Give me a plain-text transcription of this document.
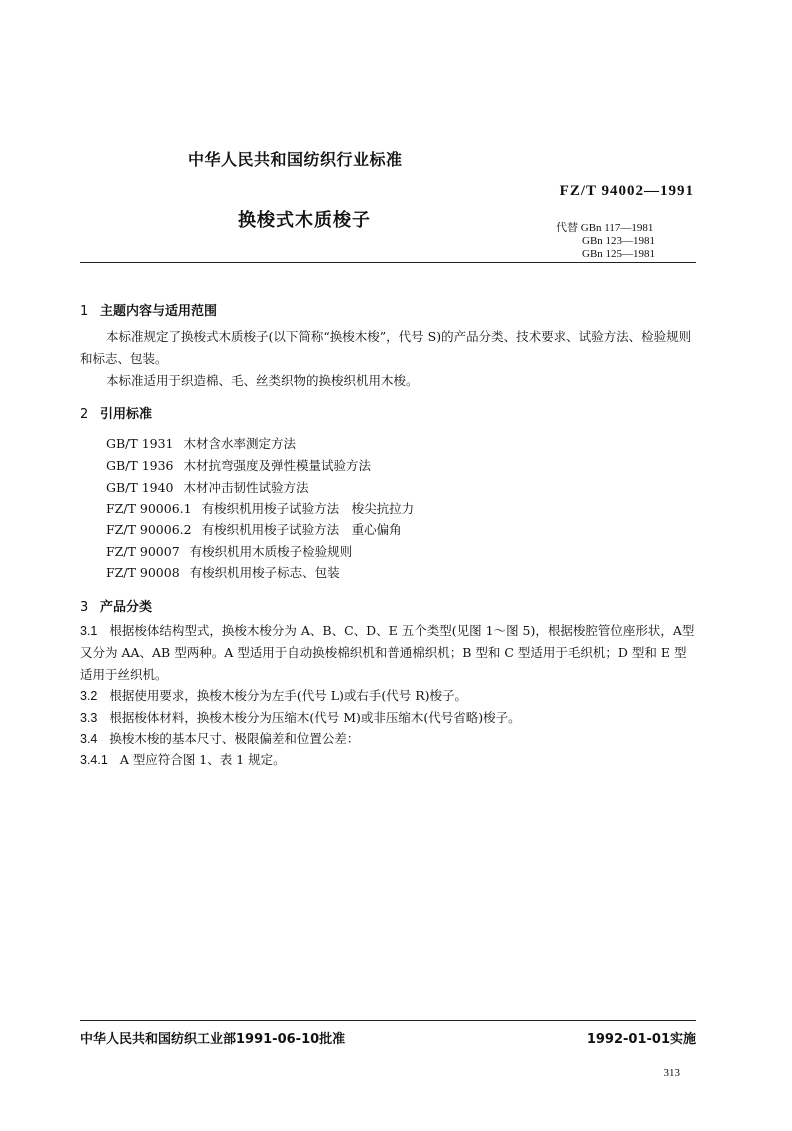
中华人民共和国纺织行业标准
FZ/T 94002—1991
换梭式木质梭子	代替 GBn 117—1981
GBn 123—1981
GBn 125—1981
1 主题内容与适用范围
本标准规定了换梭式木质梭子(以下简称“换梭木梭”，代号 S)的产品分类、技术要求、试验方法、检验规则和标志、包装。
本标准适用于织造棉、毛、丝类织物的换梭织机用木梭。
2 引用标准
GB/T 1931 木材含水率测定方法
GB/T 1936 木材抗弯强度及弹性模量试验方法
GB/T 1940 木材冲击韧性试验方法
FZ/T 90006.1 有梭织机用梭子试验方法　梭尖抗拉力
FZ/T 90006.2 有梭织机用梭子试验方法　重心偏角
FZ/T 90007 有梭织机用木质梭子检验规则
FZ/T 90008 有梭织机用梭子标志、包装
3 产品分类
3.1 根据梭体结构型式，换梭木梭分为 A、B、C、D、E 五个类型(见图 1～图 5)，根据梭腔管位座形状，A型又分为 AA、AB 型两种。A 型适用于自动换梭棉织机和普通棉织机；B 型和 C 型适用于毛织机；D 型和 E 型适用于丝织机。
3.2 根据使用要求，换梭木梭分为左手(代号 L)或右手(代号 R)梭子。
3.3 根据梭体材料，换梭木梭分为压缩木(代号 M)或非压缩木(代号省略)梭子。
3.4 换梭木梭的基本尺寸、极限偏差和位置公差：
3.4.1 A 型应符合图 1、表 1 规定。
中华人民共和国纺织工业部1991-06-10批准	1992-01-01实施
313
